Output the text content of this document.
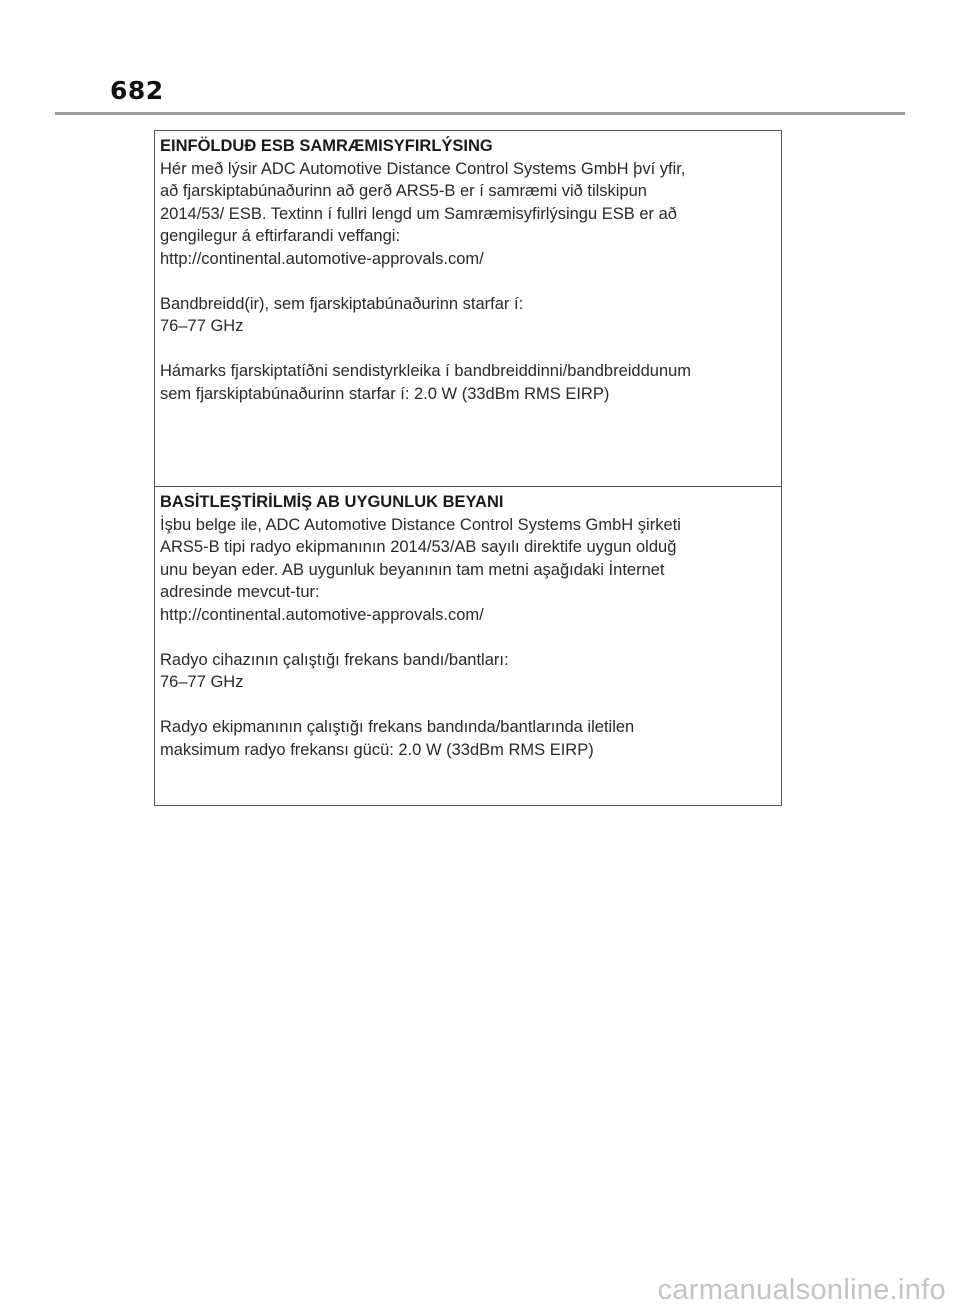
682
EINFÖLDUÐ ESB SAMRÆMISYFIRLÝSING
Hér með lýsir ADC Automotive Distance Control Systems GmbH því yfir,
að fjarskiptabúnaðurinn að gerð ARS5-B er í samræmi við tilskipun
2014/53/ ESB. Textinn í fullri lengd um Samræmisyfirlýsingu ESB er að
gengilegur á eftirfarandi veffangi:
http://continental.automotive-approvals.com/
Bandbreidd(ir), sem fjarskiptabúnaðurinn starfar í:
76–77 GHz
Hámarks fjarskiptatíðni sendistyrkleika í bandbreiddinni/bandbreiddunum
sem fjarskiptabúnaðurinn starfar í: 2.0 W (33dBm RMS EIRP)
BASİTLEŞTİRİLMİŞ AB UYGUNLUK BEYANI
İşbu belge ile, ADC Automotive Distance Control Systems GmbH şirketi
ARS5-B tipi radyo ekipmanının 2014/53/AB sayılı direktife uygun olduğ
unu beyan eder. AB uygunluk beyanının tam metni aşağıdaki İnternet
adresinde mevcut-tur:
http://continental.automotive-approvals.com/
Radyo cihazının çalıştığı frekans bandı/bantları:
76–77 GHz
Radyo ekipmanının çalıştığı frekans bandında/bantlarında iletilen
maksimum radyo frekansı gücü: 2.0 W (33dBm RMS EIRP)
carmanualsonline.info
